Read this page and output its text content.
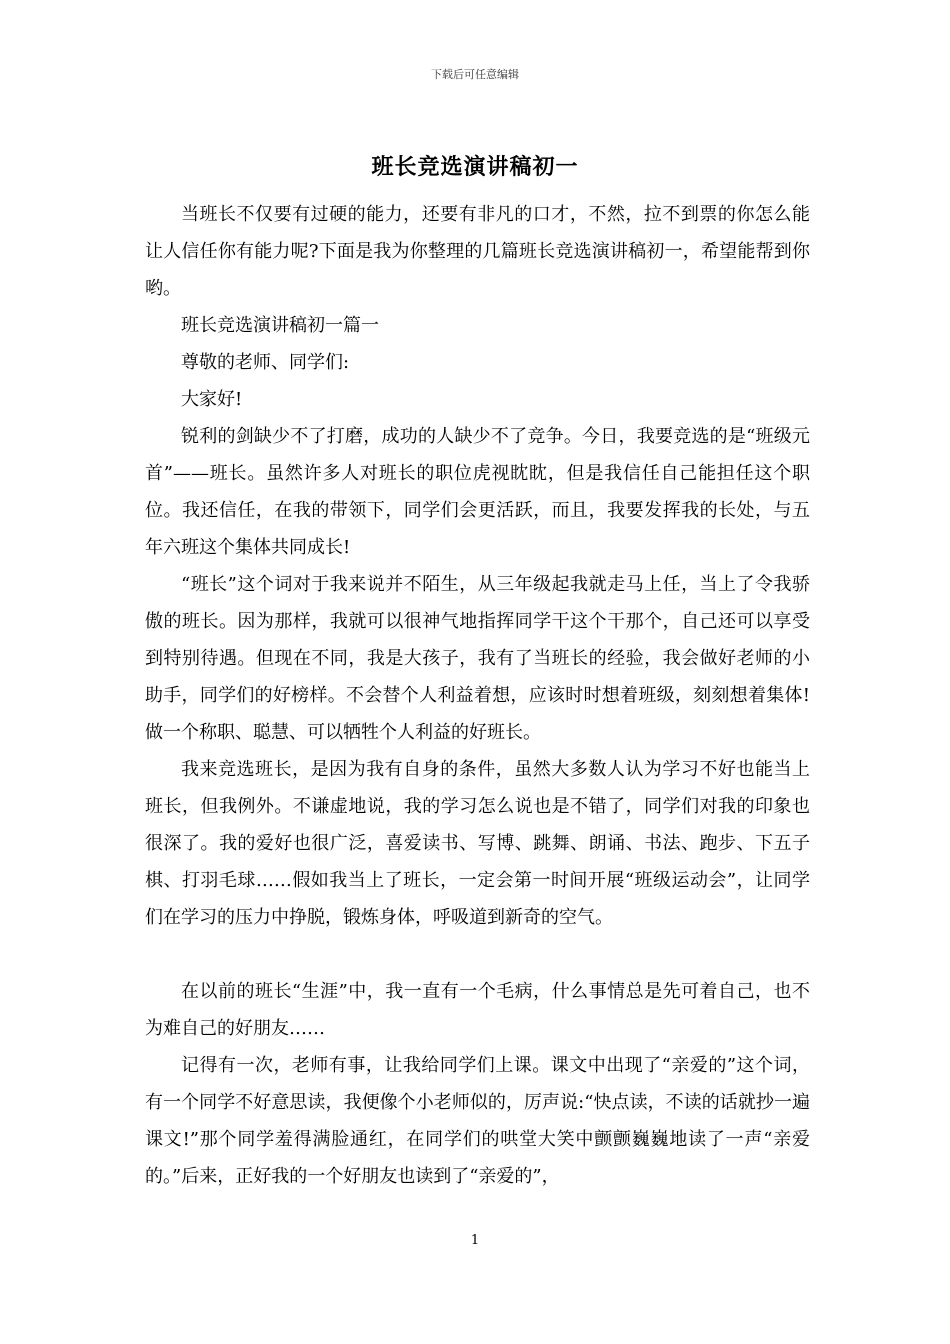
下载后可任意编辑
班长竞选演讲稿初一

当班长不仅要有过硬的能力，还要有非凡的口才，不然，拉不到票的你怎么能让人信任你有能力呢?下面是我为你整理的几篇班长竞选演讲稿初一，希望能帮到你哟。

班长竞选演讲稿初一篇一

尊敬的老师、同学们:

大家好!

锐利的剑缺少不了打磨，成功的人缺少不了竞争。今日，我要竞选的是“班级元首”——班长。虽然许多人对班长的职位虎视眈眈，但是我信任自己能担任这个职位。我还信任，在我的带领下，同学们会更活跃，而且，我要发挥我的长处，与五年六班这个集体共同成长!

“班长”这个词对于我来说并不陌生，从三年级起我就走马上任，当上了令我骄傲的班长。因为那样，我就可以很神气地指挥同学干这个干那个，自己还可以享受到特别待遇。但现在不同，我是大孩子，我有了当班长的经验，我会做好老师的小助手，同学们的好榜样。不会替个人利益着想，应该时时想着班级，刻刻想着集体!做一个称职、聪慧、可以牺牲个人利益的好班长。

我来竞选班长，是因为我有自身的条件，虽然大多数人认为学习不好也能当上班长，但我例外。不谦虚地说，我的学习怎么说也是不错了，同学们对我的印象也很深了。我的爱好也很广泛，喜爱读书、写博、跳舞、朗诵、书法、跑步、下五子棋、打羽毛球……假如我当上了班长，一定会第一时间开展“班级运动会”，让同学们在学习的压力中挣脱，锻炼身体，呼吸道到新奇的空气。

在以前的班长“生涯”中，我一直有一个毛病，什么事情总是先可着自己，也不为难自己的好朋友……

记得有一次，老师有事，让我给同学们上课。课文中出现了“亲爱的”这个词，有一个同学不好意思读，我便像个小老师似的，厉声说:“快点读，不读的话就抄一遍课文!”那个同学羞得满脸通红，在同学们的哄堂大笑中颤颤巍巍地读了一声“亲爱的。”后来，正好我的一个好朋友也读到了“亲爱的”，

1
